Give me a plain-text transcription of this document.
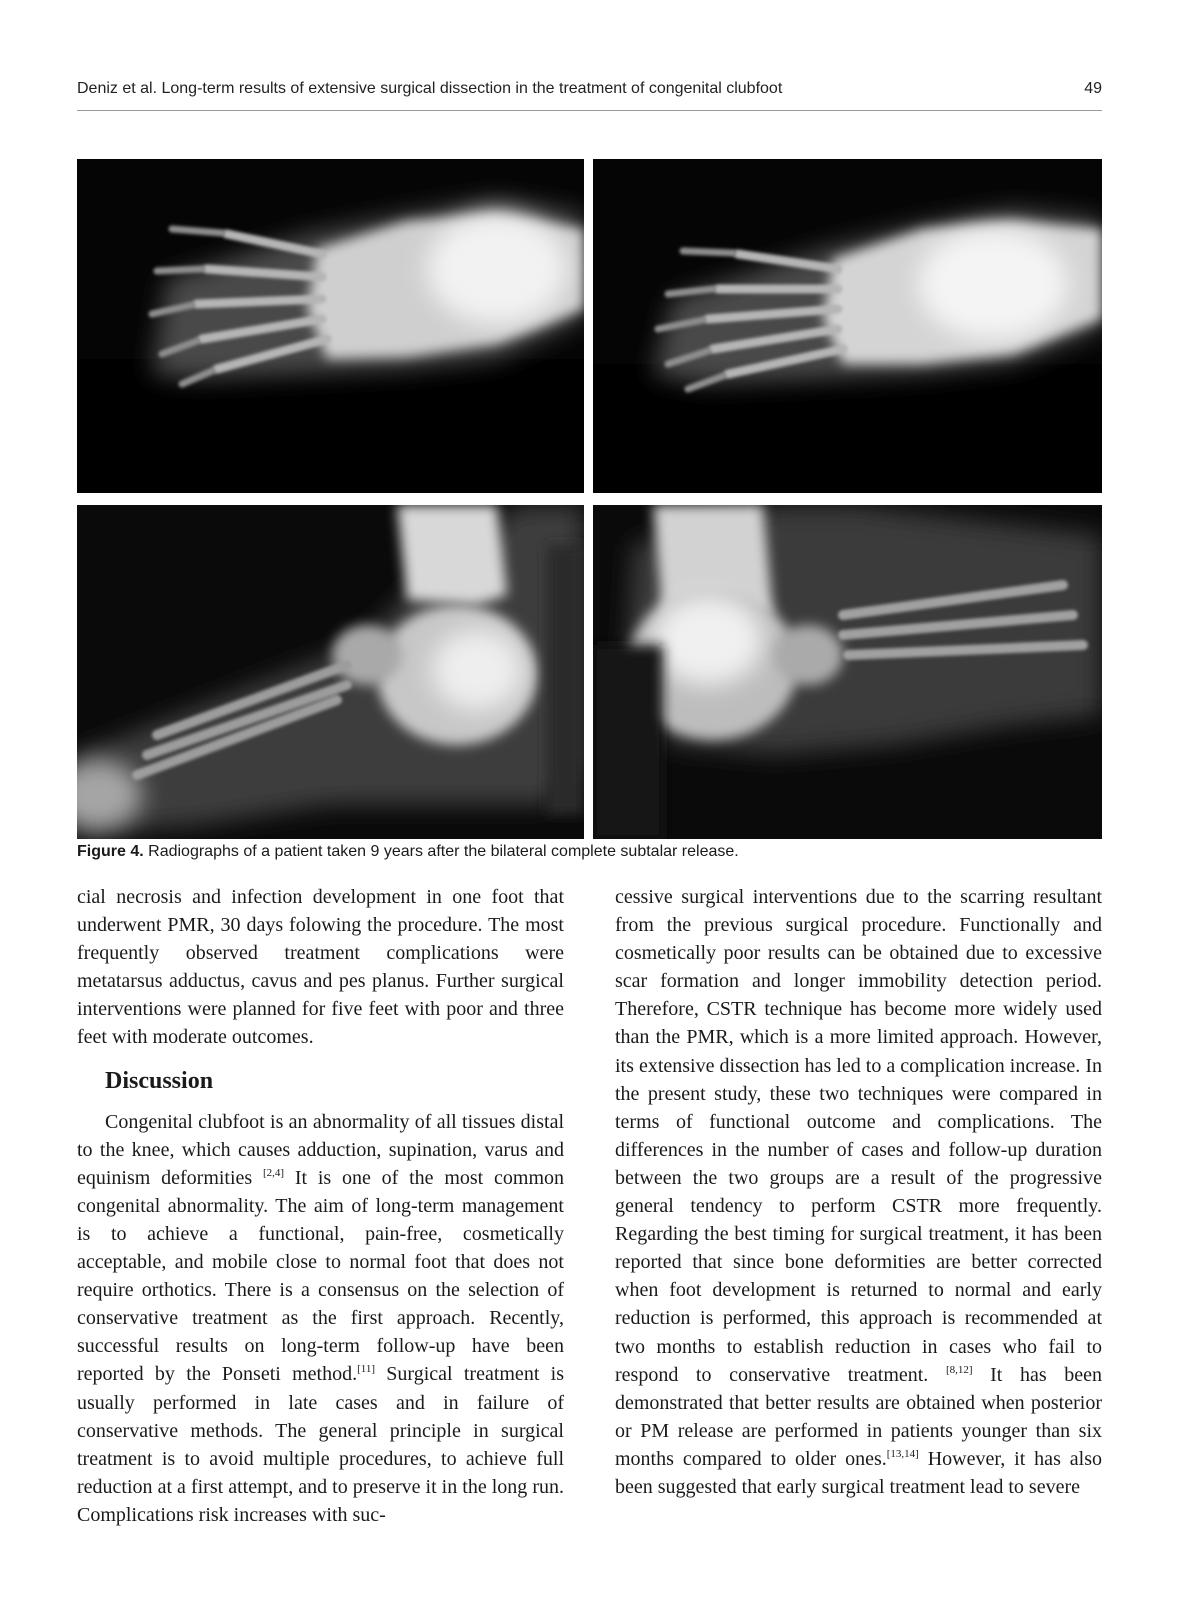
Deniz et al. Long-term results of extensive surgical dissection in the treatment of congenital clubfoot	49
Figure 4. Radiographs of a patient taken 9 years after the bilateral complete subtalar release.

cial necrosis and infection development in one foot that underwent PMR, 30 days folowing the procedure. The most frequently observed treatment complications were metatarsus adductus, cavus and pes planus. Further surgical interventions were planned for five feet with poor and three feet with moderate outcomes.

Discussion

Congenital clubfoot is an abnormality of all tissues distal to the knee, which causes adduction, supination, varus and equinism deformities [2,4] It is one of the most common congenital abnormality. The aim of long-term management is to achieve a functional, pain-free, cosmetically acceptable, and mobile close to normal foot that does not require orthotics. There is a consensus on the selection of conservative treatment as the first approach. Recently, successful results on long-term follow-up have been reported by the Ponseti method.[11] Surgical treatment is usually performed in late cases and in failure of conservative methods. The general principle in surgical treatment is to avoid multiple procedures, to achieve full reduction at a first attempt, and to preserve it in the long run. Complications risk increases with suc-

cessive surgical interventions due to the scarring resultant from the previous surgical procedure. Functionally and cosmetically poor results can be obtained due to excessive scar formation and longer immobility detection period. Therefore, CSTR technique has become more widely used than the PMR, which is a more limited approach. However, its extensive dissection has led to a complication increase. In the present study, these two techniques were compared in terms of functional outcome and complications. The differences in the number of cases and follow-up duration between the two groups are a result of the progressive general tendency to perform CSTR more frequently. Regarding the best timing for surgical treatment, it has been reported that since bone deformities are better corrected when foot development is returned to normal and early reduction is performed, this approach is recommended at two months to establish reduction in cases who fail to respond to conservative treatment. [8,12] It has been demonstrated that better results are obtained when posterior or PM release are performed in patients younger than six months compared to older ones.[13,14] However, it has also been suggested that early surgical treatment lead to severe
